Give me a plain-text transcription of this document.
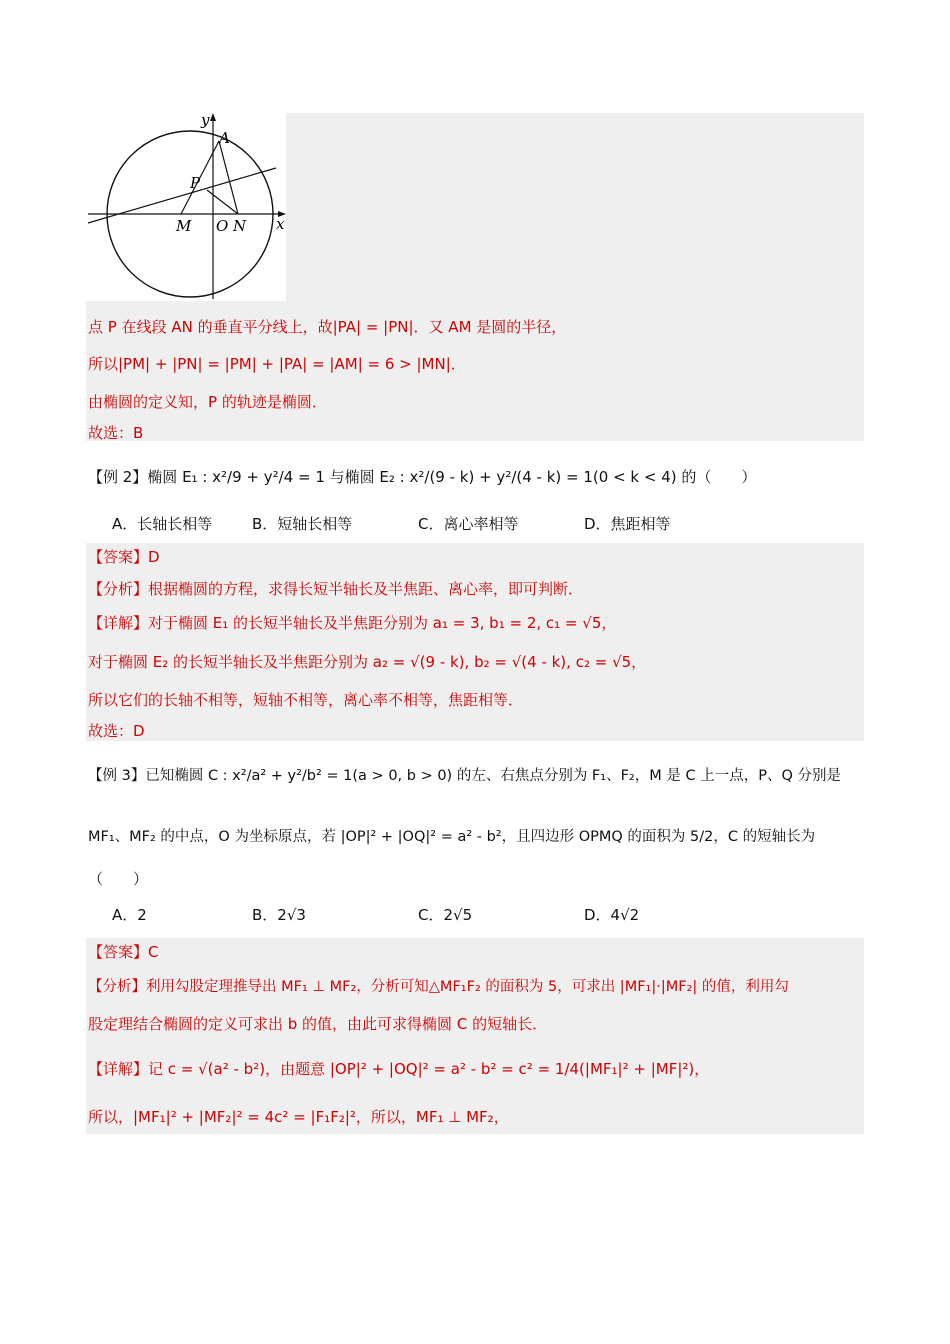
y
A
P
M O N x
点 P 在线段 AN 的垂直平分线上，故|PA| = |PN|．又 AM 是圆的半径，
所以|PM| + |PN| = |PM| + |PA| = |AM| = 6 > |MN|．
由椭圆的定义知，P 的轨迹是椭圆．
故选：B
【例 2】椭圆 E₁ : x²/9 + y²/4 = 1 与椭圆 E₂ : x²/(9 - k) + y²/(4 - k) = 1(0 < k < 4) 的（　　）
A．长轴长相等	B．短轴长相等	C．离心率相等	D．焦距相等
【答案】D
【分析】根据椭圆的方程，求得长短半轴长及半焦距、离心率，即可判断．
【详解】对于椭圆 E₁ 的长短半轴长及半焦距分别为 a₁ = 3, b₁ = 2, c₁ = √5，
对于椭圆 E₂ 的长短半轴长及半焦距分别为 a₂ = √(9 - k), b₂ = √(4 - k), c₂ = √5，
所以它们的长轴不相等，短轴不相等，离心率不相等，焦距相等．
故选：D
【例 3】已知椭圆 C : x²/a² + y²/b² = 1(a > 0, b > 0) 的左、右焦点分别为 F₁、F₂，M 是 C 上一点，P、Q 分别是
MF₁、MF₂ 的中点，O 为坐标原点，若 |OP|² + |OQ|² = a² - b²，且四边形 OPMQ 的面积为 5/2，C 的短轴长为
（　　）
A．2	B．2√3	C．2√5	D．4√2
【答案】C
【分析】利用勾股定理推导出 MF₁ ⊥ MF₂，分析可知△MF₁F₂ 的面积为 5，可求出 |MF₁|·|MF₂| 的值，利用勾
股定理结合椭圆的定义可求出 b 的值，由此可求得椭圆 C 的短轴长．
【详解】记 c = √(a² - b²)，由题意 |OP|² + |OQ|² = a² - b² = c² = 1/4(|MF₁|² + |MF|²)，
所以，|MF₁|² + |MF₂|² = 4c² = |F₁F₂|²，所以，MF₁ ⊥ MF₂，
